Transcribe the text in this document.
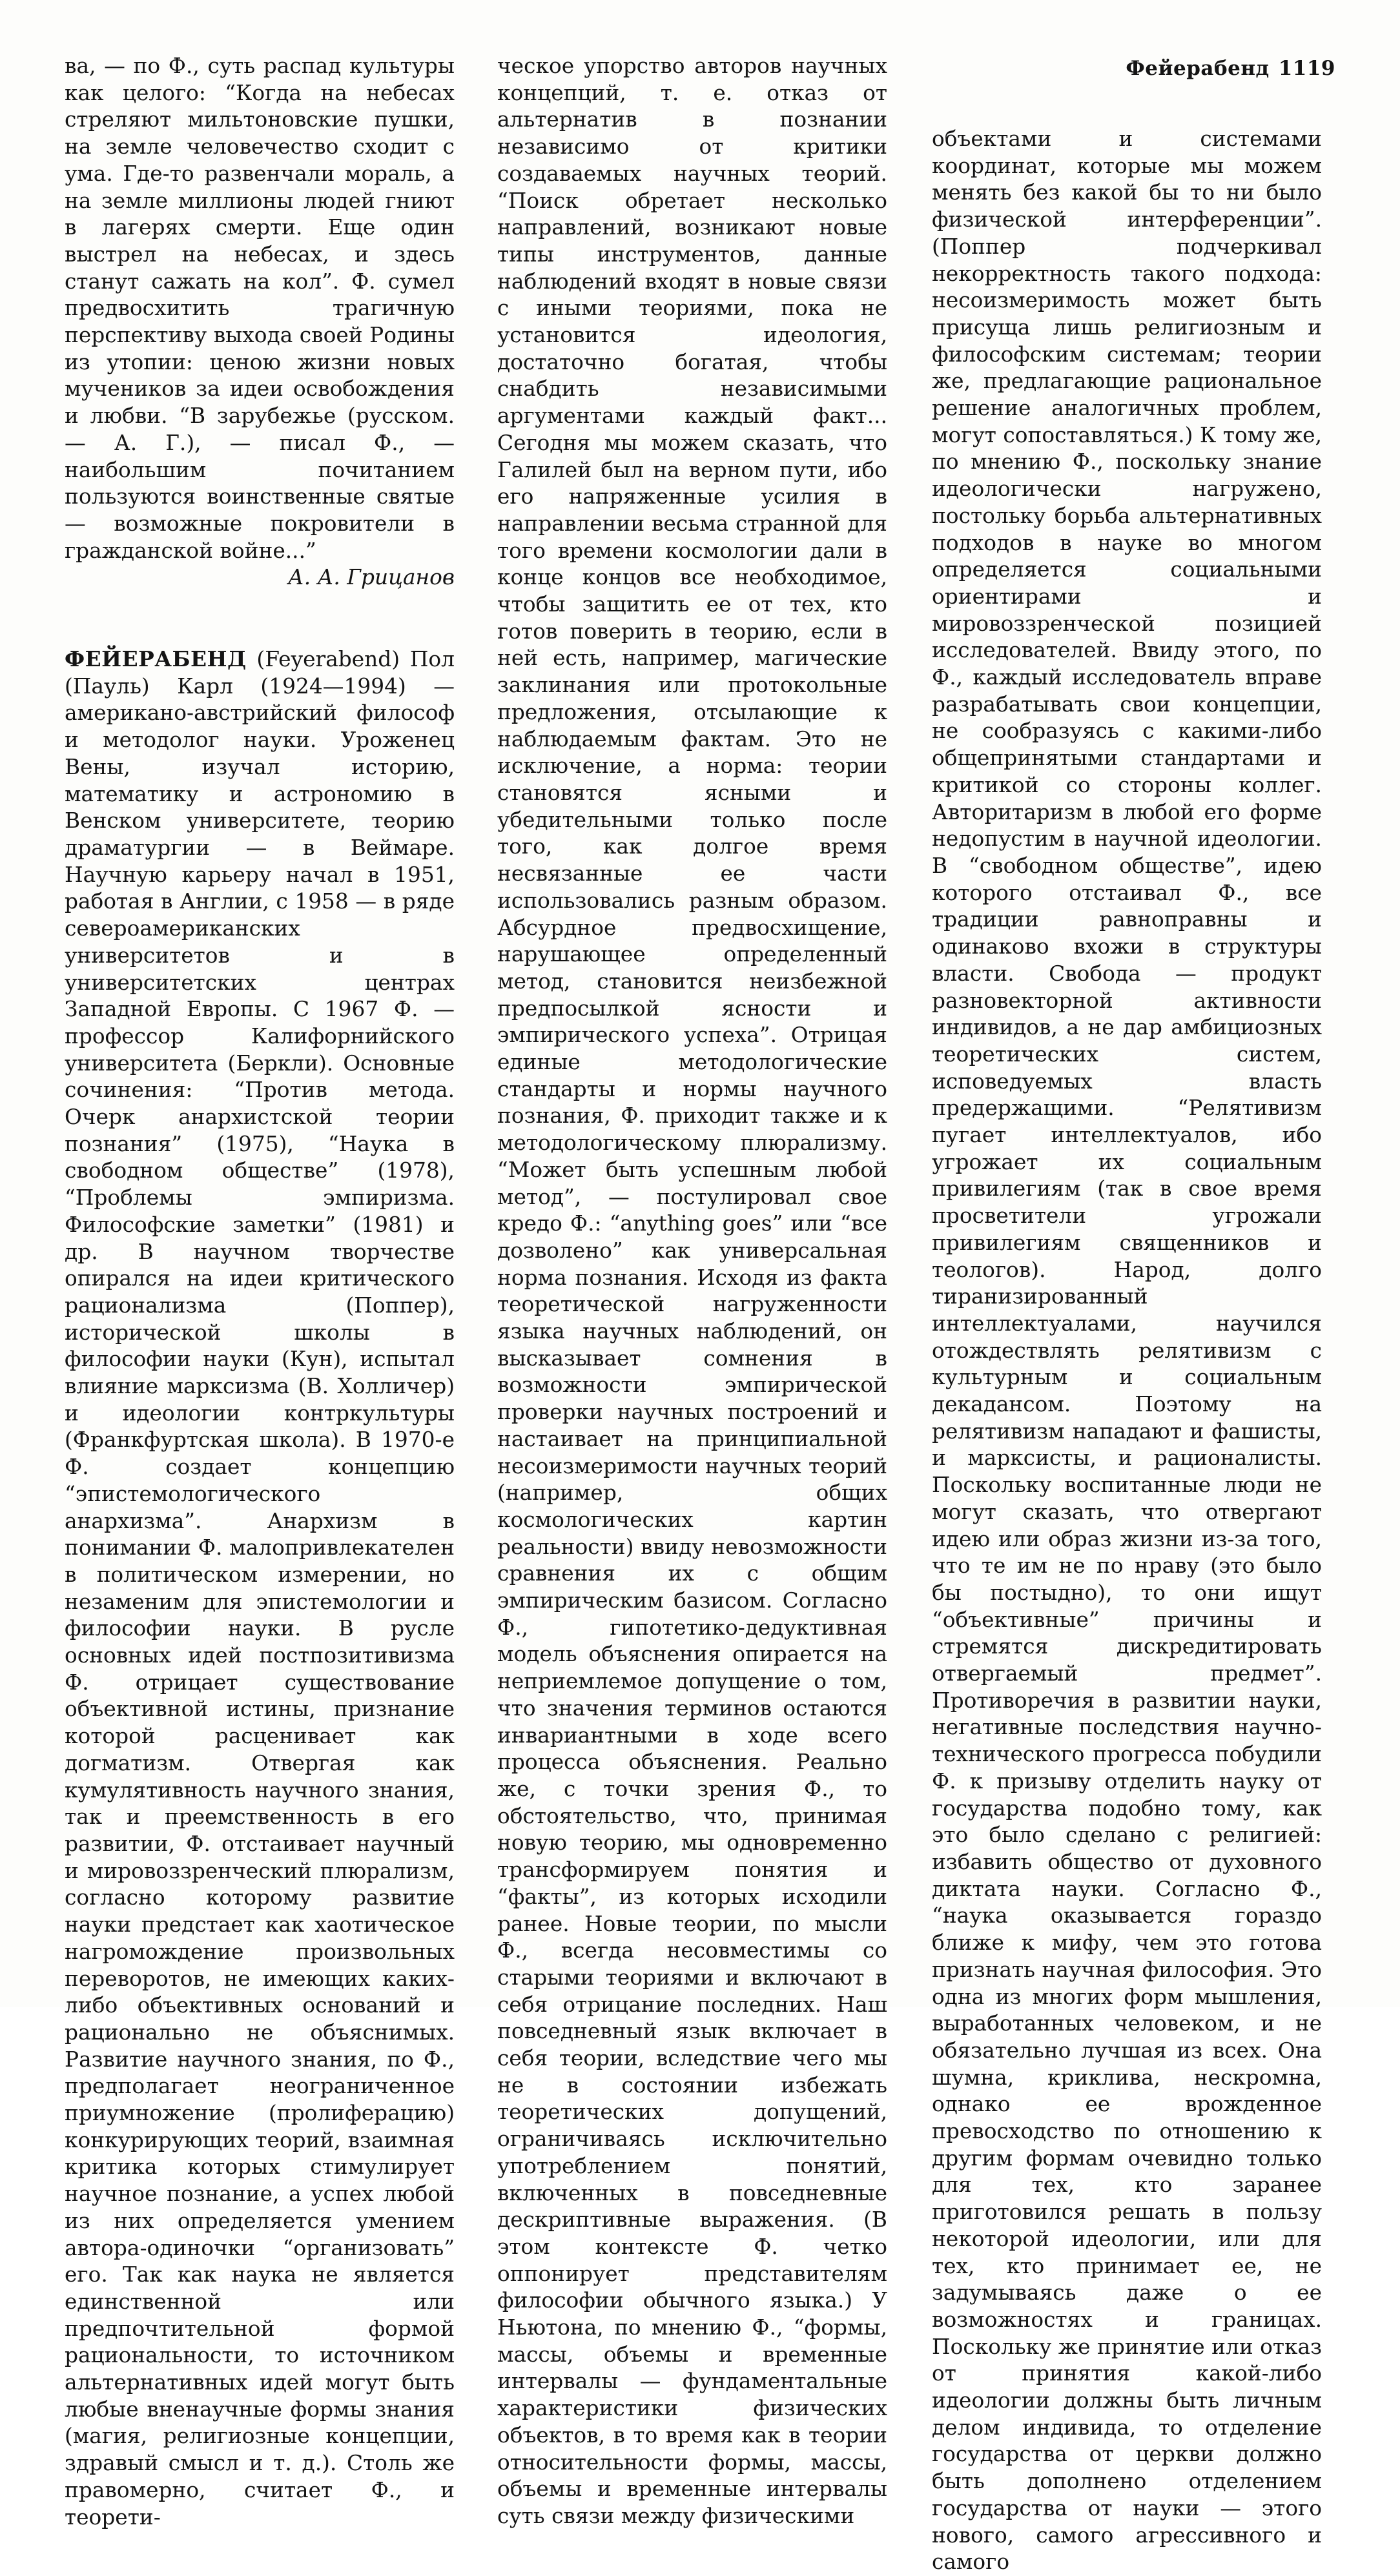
Фейерабенд 1119

ва, — по Ф., суть распад культуры как целого: “Когда на небесах стреляют мильтоновские пушки, на земле человечество сходит с ума. Где-то развенчали мораль, а на земле миллионы людей гниют в лагерях смерти. Еще один выстрел на небесах, и здесь станут сажать на кол”. Ф. сумел предвосхитить трагичную перспективу выхода своей Родины из утопии: ценою жизни новых мучеников за идеи освобождения и любви. “В зарубежье (русском. — А. Г.), — писал Ф., — наибольшим почитанием пользуются воинственные святые — возможные покровители в гражданской войне...”

А. А. Грицанов

ФЕЙЕРАБЕНД (Feyerabend) Пол (Пауль) Карл (1924—1994) — американо-австрийский философ и методолог науки. Уроженец Вены, изучал историю, математику и астрономию в Венском университете, теорию драматургии — в Веймаре. Научную карьеру начал в 1951, работая в Англии, с 1958 — в ряде североамериканских университетов и в университетских центрах Западной Европы. С 1967 Ф. — профессор Калифорнийского университета (Беркли). Основные сочинения: “Против метода. Очерк анархистской теории познания” (1975), “Наука в свободном обществе” (1978), “Проблемы эмпиризма. Философские заметки” (1981) и др. В научном творчестве опирался на идеи критического рационализма (Поппер), исторической школы в философии науки (Кун), испытал влияние марксизма (В. Холличер) и идеологии контркультуры (Франкфуртская школа). В 1970-е Ф. создает концепцию “эпистемологического анархизма”. Анархизм в понимании Ф. малопривлекателен в политическом измерении, но незаменим для эпистемологии и философии науки. В русле основных идей постпозитивизма Ф. отрицает существование объективной истины, признание которой расценивает как догматизм. Отвергая как кумулятивность научного знания, так и преемственность в его развитии, Ф. отстаивает научный и мировоззренческий плюрализм, согласно которому развитие науки предстает как хаотическое нагромождение произвольных переворотов, не имеющих каких-либо объективных оснований и рационально не объяснимых. Развитие научного знания, по Ф., предполагает неограниченное приумножение (пролиферацию) конкурирующих теорий, взаимная критика которых стимулирует научное познание, а успех любой из них определяется умением автора-одиночки “организовать” его. Так как наука не является единственной или предпочтительной формой рациональности, то источником альтернативных идей могут быть любые вненаучные формы знания (магия, религиозные концепции, здравый смысл и т. д.). Столь же правомерно, считает Ф., и теорети-

ческое упорство авторов научных концепций, т. е. отказ от альтернатив в познании независимо от критики создаваемых научных теорий. “Поиск обретает несколько направлений, возникают новые типы инструментов, данные наблюдений входят в новые связи с иными теориями, пока не установится идеология, достаточно богатая, чтобы снабдить независимыми аргументами каждый факт... Сегодня мы можем сказать, что Галилей был на верном пути, ибо его напряженные усилия в направлении весьма странной для того времени космологии дали в конце концов все необходимое, чтобы защитить ее от тех, кто готов поверить в теорию, если в ней есть, например, магические заклинания или протокольные предложения, отсылающие к наблюдаемым фактам. Это не исключение, а норма: теории становятся ясными и убедительными только после того, как долгое время несвязанные ее части использовались разным образом. Абсурдное предвосхищение, нарушающее определенный метод, становится неизбежной предпосылкой ясности и эмпирического успеха”. Отрицая единые методологические стандарты и нормы научного познания, Ф. приходит также и к методологическому плюрализму. “Может быть успешным любой метод”, — постулировал свое кредо Ф.: “anything goes” или “все дозволено” как универсальная норма познания. Исходя из факта теоретической нагруженности языка научных наблюдений, он высказывает сомнения в возможности эмпирической проверки научных построений и настаивает на принципиальной несоизмеримости научных теорий (например, общих космологических картин реальности) ввиду невозможности сравнения их с общим эмпирическим базисом. Согласно Ф., гипотетико-дедуктивная модель объяснения опирается на неприемлемое допущение о том, что значения терминов остаются инвариантными в ходе всего процесса объяснения. Реально же, с точки зрения Ф., то обстоятельство, что, принимая новую теорию, мы одновременно трансформируем понятия и “факты”, из которых исходили ранее. Новые теории, по мысли Ф., всегда несовместимы со старыми теориями и включают в себя отрицание последних. Наш повседневный язык включает в себя теории, вследствие чего мы не в состоянии избежать теоретических допущений, ограничиваясь исключительно употреблением понятий, включенных в повседневные дескриптивные выражения. (В этом контексте Ф. четко оппонирует представителям философии обычного языка.) У Ньютона, по мнению Ф., “формы, массы, объемы и временные интервалы — фундаментальные характеристики физических объектов, в то время как в теории относительности формы, массы, объемы и временные интервалы суть связи между физическими

объектами и системами координат, которые мы можем менять без какой бы то ни было физической интерференции”. (Поппер подчеркивал некорректность такого подхода: несоизмеримость может быть присуща лишь религиозным и философским системам; теории же, предлагающие рациональное решение аналогичных проблем, могут сопоставляться.) К тому же, по мнению Ф., поскольку знание идеологически нагружено, постольку борьба альтернативных подходов в науке во многом определяется социальными ориентирами и мировоззренческой позицией исследователей. Ввиду этого, по Ф., каждый исследователь вправе разрабатывать свои концепции, не сообразуясь с какими-либо общепринятыми стандартами и критикой со стороны коллег. Авторитаризм в любой его форме недопустим в научной идеологии. В “свободном обществе”, идею которого отстаивал Ф., все традиции равноправны и одинаково вхожи в структуры власти. Свобода — продукт разновекторной активности индивидов, а не дар амбициозных теоретических систем, исповедуемых власть предержащими. “Релятивизм пугает интеллектуалов, ибо угрожает их социальным привилегиям (так в свое время просветители угрожали привилегиям священников и теологов). Народ, долго тиранизированный интеллектуалами, научился отождествлять релятивизм с культурным и социальным декадансом. Поэтому на релятивизм нападают и фашисты, и марксисты, и рационалисты. Поскольку воспитанные люди не могут сказать, что отвергают идею или образ жизни из-за того, что те им не по нраву (это было бы постыдно), то они ищут “объективные” причины и стремятся дискредитировать отвергаемый предмет”. Противоречия в развитии науки, негативные последствия научно-технического прогресса побудили Ф. к призыву отделить науку от государства подобно тому, как это было сделано с религией: избавить общество от духовного диктата науки. Согласно Ф., “наука оказывается гораздо ближе к мифу, чем это готова признать научная философия. Это одна из многих форм мышления, выработанных человеком, и не обязательно лучшая из всех. Она шумна, криклива, нескромна, однако ее врожденное превосходство по отношению к другим формам очевидно только для тех, кто заранее приготовился решать в пользу некоторой идеологии, или для тех, кто принимает ее, не задумываясь даже о ее возможностях и границах. Поскольку же принятие или отказ от принятия какой-либо идеологии должны быть личным делом индивида, то отделение государства от церкви должно быть дополнено отделением государства от науки — этого нового, самого агрессивного и самого
